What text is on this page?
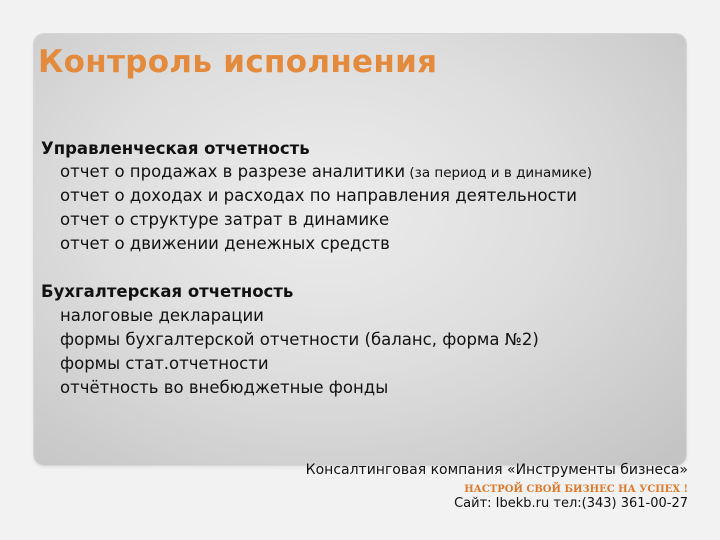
Контроль исполнения

Управленческая отчетность

отчет о продажах в разрезе аналитики (за период и в динамике)

отчет о доходах и расходах по направления деятельности

отчет о структуре затрат в динамике

отчет о движении денежных средств

Бухгалтерская отчетность

налоговые декларации

формы бухгалтерской отчетности (баланс, форма №2)

формы стат.отчетности

отчётность во внебюджетные фонды

Консалтинговая компания «Инструменты бизнеса»
НАСТРОЙ СВОЙ БИЗНЕС НА УСПЕХ !
Сайт: Ibekb.ru тел:(343) 361-00-27
